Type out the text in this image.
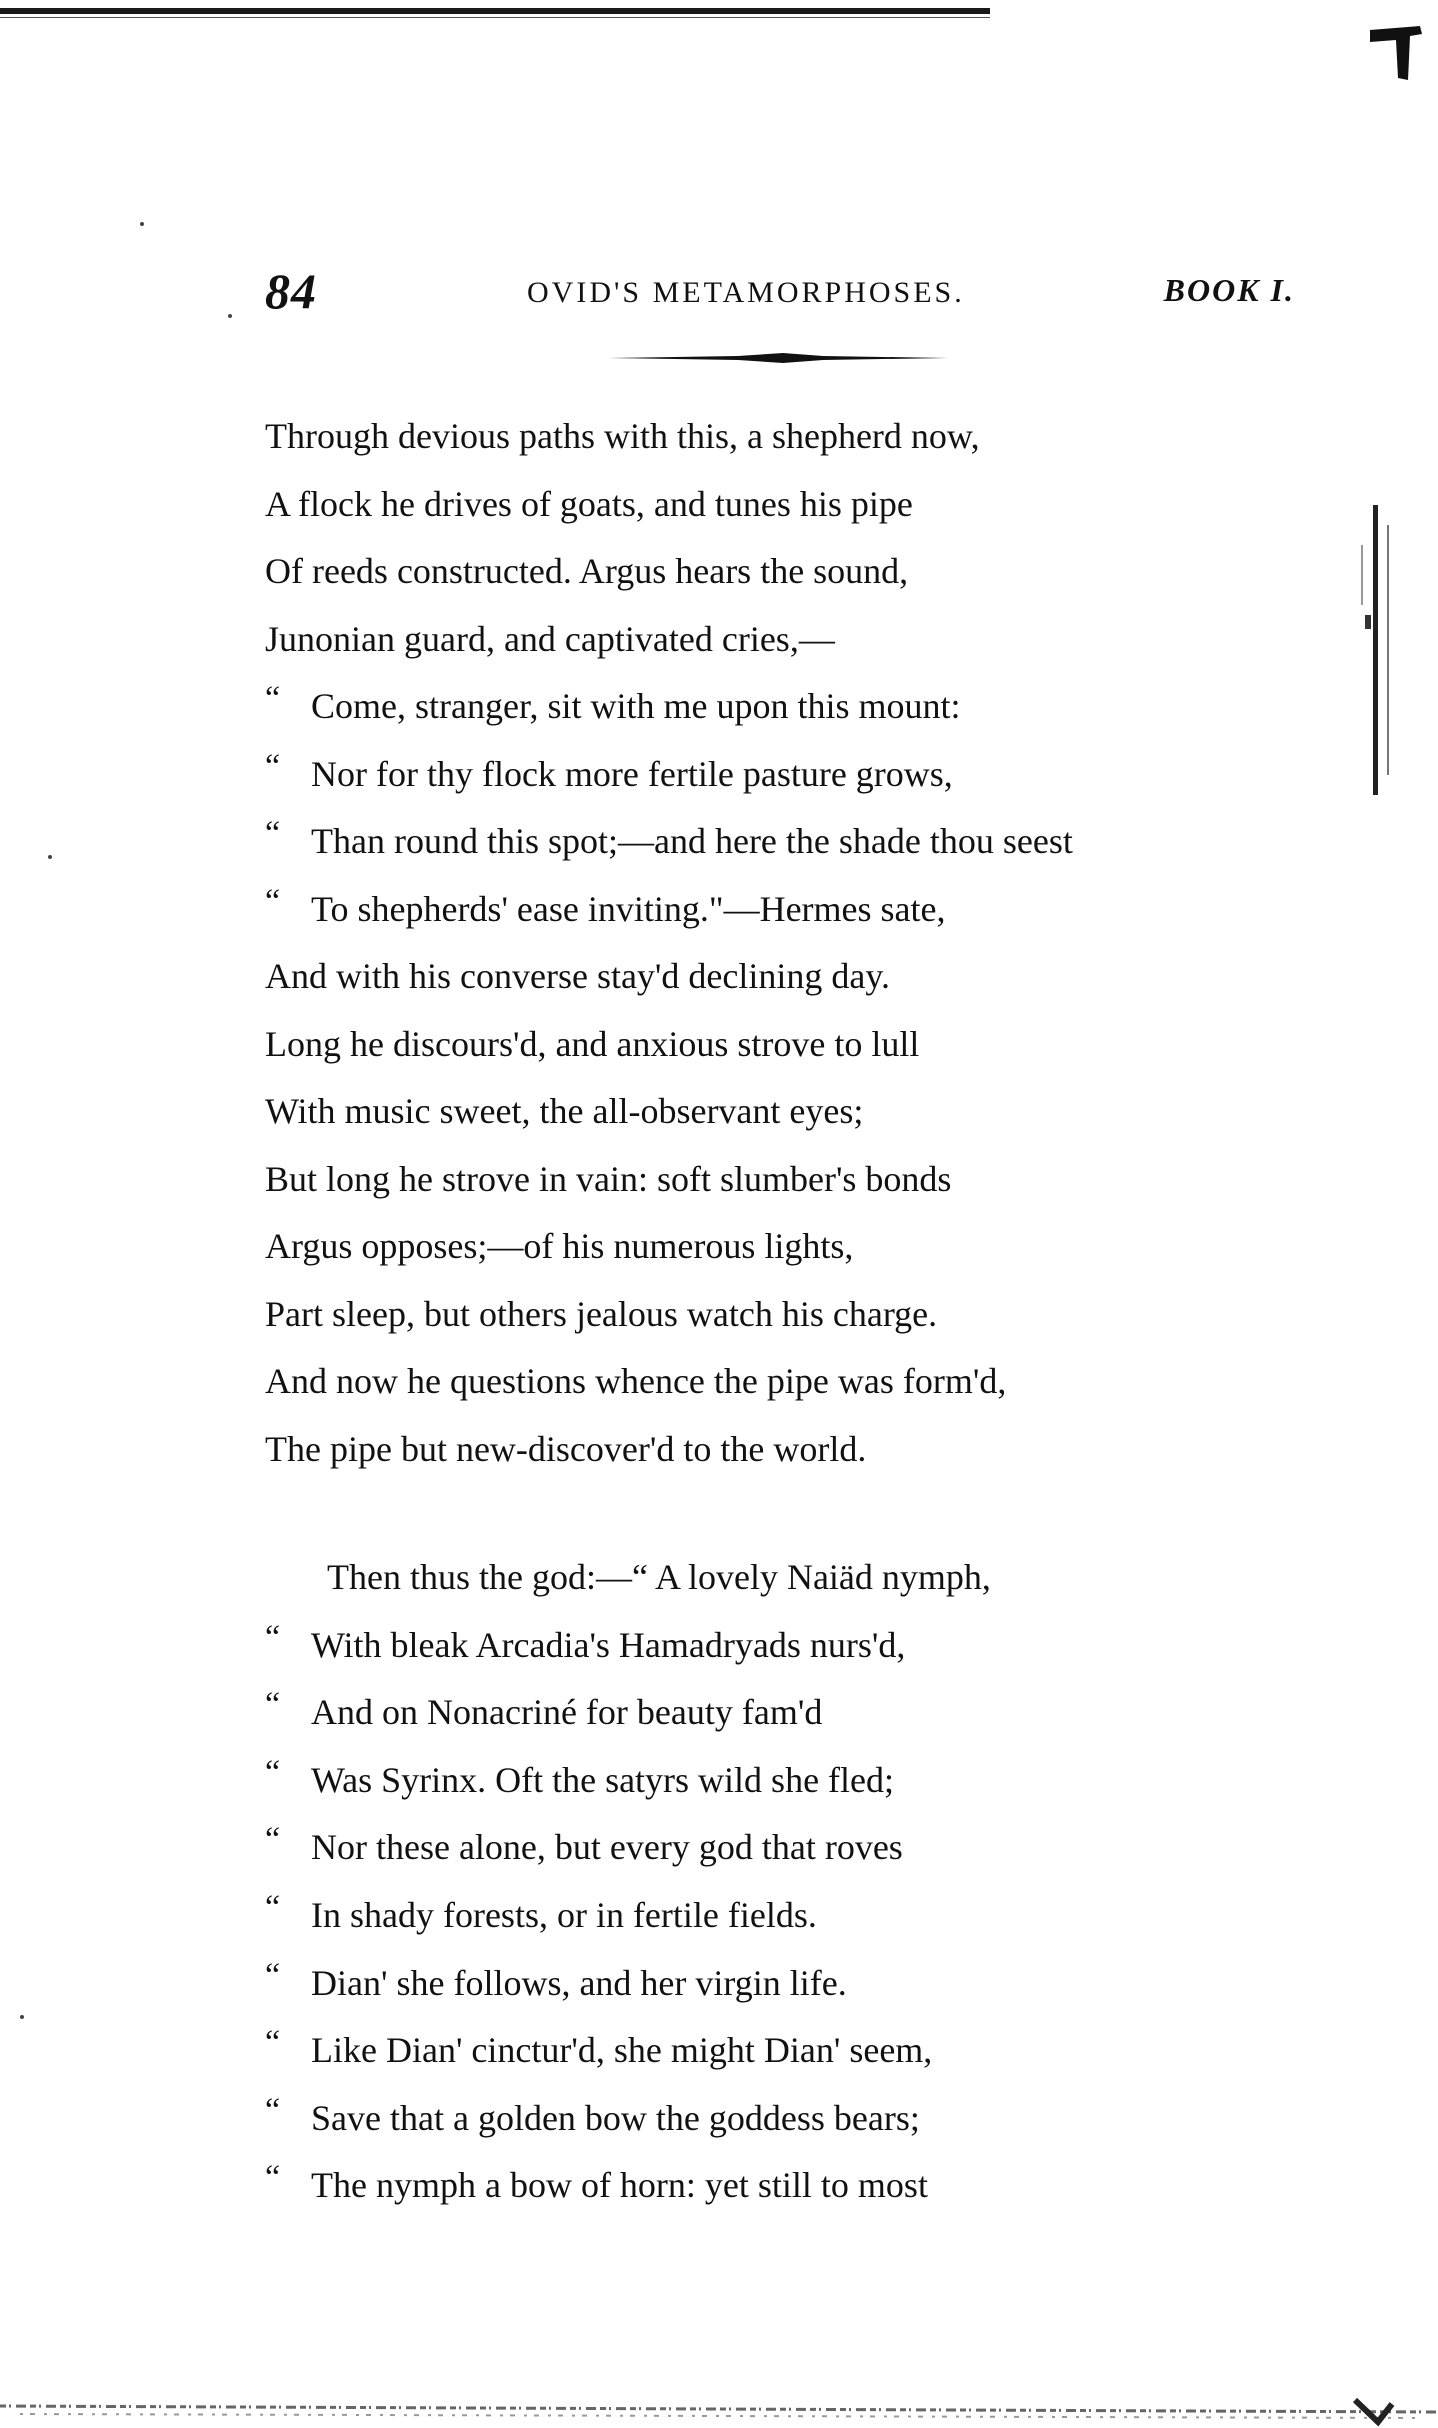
84	OVID'S METAMORPHOSES.	BOOK I.
Through devious paths with this, a shepherd now,
A flock he drives of goats, and tunes his pipe
Of reeds constructed. Argus hears the sound,
Junonian guard, and captivated cries,—
“ Come, stranger, sit with me upon this mount:
“ Nor for thy flock more fertile pasture grows,
“ Than round this spot;—and here the shade thou seest
“ To shepherds' ease inviting."—Hermes sate,
And with his converse stay'd declining day.
Long he discours'd, and anxious strove to lull
With music sweet, the all-observant eyes;
But long he strove in vain: soft slumber's bonds
Argus opposes;—of his numerous lights,
Part sleep, but others jealous watch his charge.
And now he questions whence the pipe was form'd,
The pipe but new-discover'd to the world.
Then thus the god:—“ A lovely Naiäd nymph,
“ With bleak Arcadia's Hamadryads nurs'd,
“ And on Nonacriné for beauty fam'd
“ Was Syrinx. Oft the satyrs wild she fled;
“ Nor these alone, but every god that roves
“ In shady forests, or in fertile fields.
“ Dian' she follows, and her virgin life.
“ Like Dian' cinctur'd, she might Dian' seem,
“ Save that a golden bow the goddess bears;
“ The nymph a bow of horn: yet still to most
